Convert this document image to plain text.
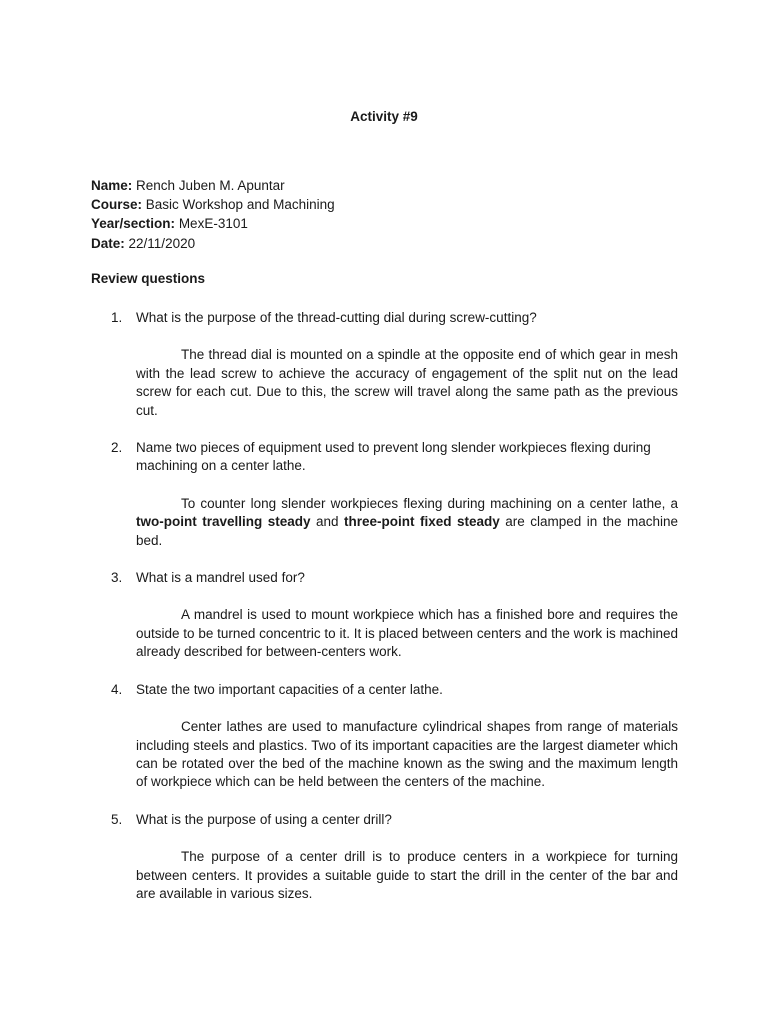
Activity #9
Name: Rench Juben M. Apuntar
Course: Basic Workshop and Machining
Year/section: MexE-3101
Date: 22/11/2020
Review questions
1. What is the purpose of the thread-cutting dial during screw-cutting?
The thread dial is mounted on a spindle at the opposite end of which gear in mesh with the lead screw to achieve the accuracy of engagement of the split nut on the lead screw for each cut. Due to this, the screw will travel along the same path as the previous cut.
2. Name two pieces of equipment used to prevent long slender workpieces flexing during machining on a center lathe.
To counter long slender workpieces flexing during machining on a center lathe, a two-point travelling steady and three-point fixed steady are clamped in the machine bed.
3. What is a mandrel used for?
A mandrel is used to mount workpiece which has a finished bore and requires the outside to be turned concentric to it. It is placed between centers and the work is machined already described for between-centers work.
4. State the two important capacities of a center lathe.
Center lathes are used to manufacture cylindrical shapes from range of materials including steels and plastics. Two of its important capacities are the largest diameter which can be rotated over the bed of the machine known as the swing and the maximum length of workpiece which can be held between the centers of the machine.
5. What is the purpose of using a center drill?
The purpose of a center drill is to produce centers in a workpiece for turning between centers. It provides a suitable guide to start the drill in the center of the bar and are available in various sizes.
